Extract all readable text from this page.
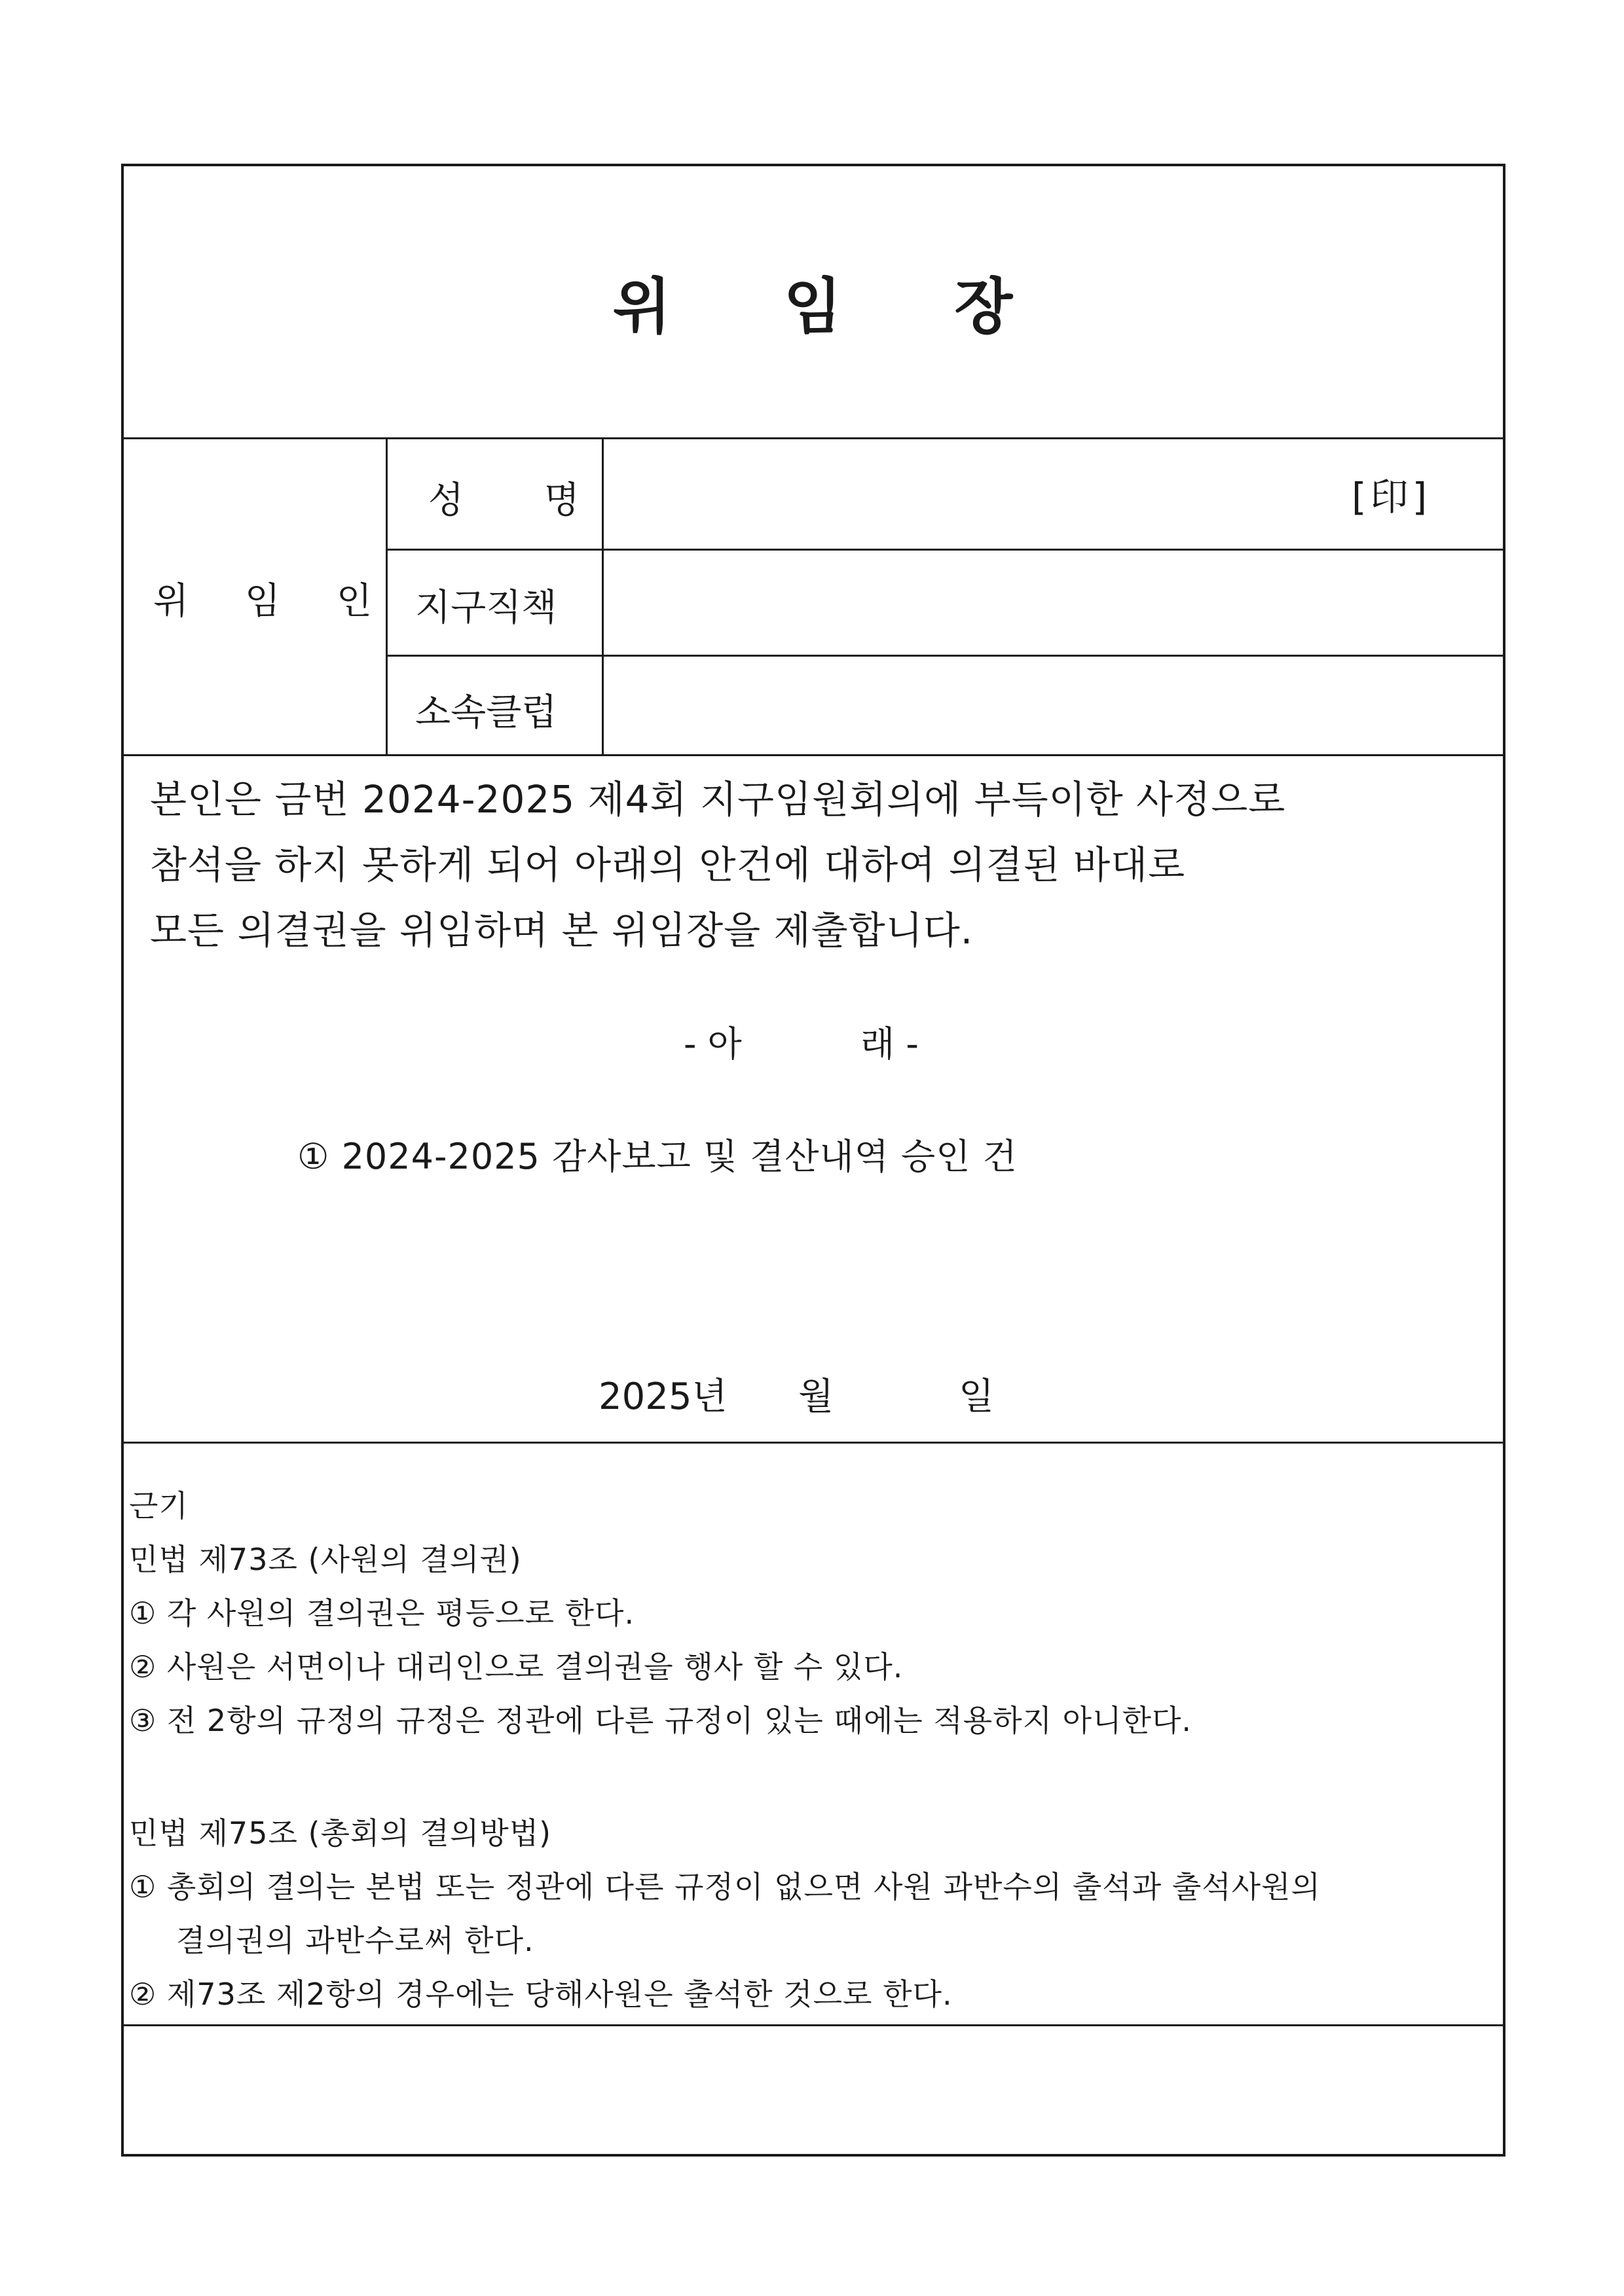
위 임 장
위 임 인
성 명	[印]
지구직책
소속클럽
본인은 금번 2024-2025 제4회 지구임원회의에 부득이한 사정으로
참석을 하지 못하게 되어 아래의 안건에 대하여 의결된 바대로
모든 의결권을 위임하며 본 위임장을 제출합니다.
- 아	래 -
① 2024-2025 감사보고 및 결산내역 승인 건
2025년 월	일
근기
민법 제73조 (사원의 결의권)
① 각 사원의 결의권은 평등으로 한다.
② 사원은 서면이나 대리인으로 결의권을 행사 할 수 있다.
③ 전 2항의 규정의 규정은 정관에 다른 규정이 있는 때에는 적용하지 아니한다.
민법 제75조 (총회의 결의방법)
① 총회의 결의는 본법 또는 정관에 다른 규정이 없으면 사원 과반수의 출석과 출석사원의
결의권의 과반수로써 한다.
② 제73조 제2항의 경우에는 당해사원은 출석한 것으로 한다.
